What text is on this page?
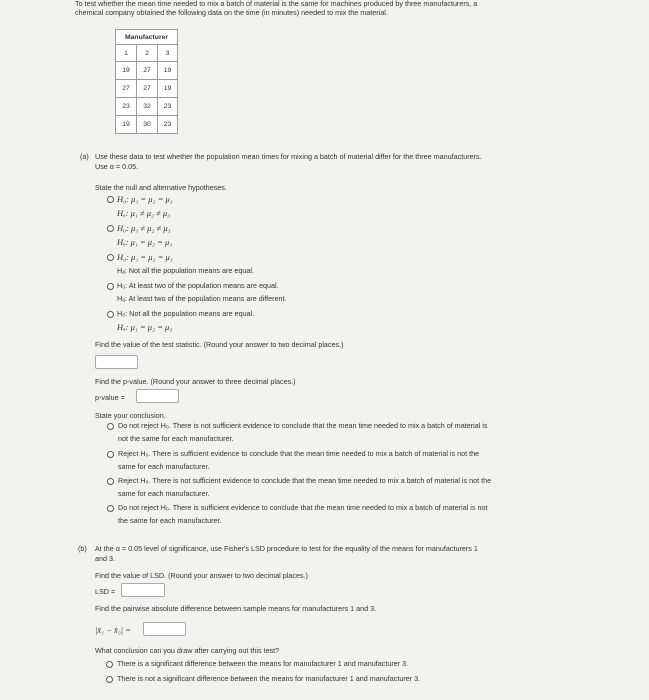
To test whether the mean time needed to mix a batch of material is the same for machines produced by three manufacturers, a
chemical company obtained the following data on the time (in minutes) needed to mix the material.
Manufacturer		
1	2	3
19	27	19
27	27	19
23	32	23
19	30	23
(a) Use these data to test whether the population mean times for mixing a batch of material differ for the three manufacturers.
Use α = 0.05.
State the null and alternative hypotheses.
H₀: μ₁ = μ₂ = μ₃
Hₐ: μ₁ ≠ μ₂ ≠ μ₃
H₀: μ₁ ≠ μ₂ ≠ μ₃
Hₐ: μ₁ = μ₂ = μ₃
H₀: μ₁ = μ₂ = μ₃
Hₐ: Not all the population means are equal.
H₀: At least two of the population means are equal.
Hₐ: At least two of the population means are different.
H₀: Not all the population means are equal.
Hₐ: μ₁ = μ₂ = μ₃
Find the value of the test statistic. (Round your answer to two decimal places.)
Find the p-value. (Round your answer to three decimal places.)
p-value =
State your conclusion.
Do not reject H₀. There is not sufficient evidence to conclude that the mean time needed to mix a batch of material is
not the same for each manufacturer.
Reject H₀. There is sufficient evidence to conclude that the mean time needed to mix a batch of material is not the
same for each manufacturer.
Reject H₀. There is not sufficient evidence to conclude that the mean time needed to mix a batch of material is not the
same for each manufacturer.
Do not reject H₀. There is sufficient evidence to conclude that the mean time needed to mix a batch of material is not
the same for each manufacturer.
(b) At the α = 0.05 level of significance, use Fisher's LSD procedure to test for the equality of the means for manufacturers 1
and 3.
Find the value of LSD. (Round your answer to two decimal places.)
LSD =
Find the pairwise absolute difference between sample means for manufacturers 1 and 3.
|x̄₁ − x̄₃| =
What conclusion can you draw after carrying out this test?
There is a significant difference between the means for manufacturer 1 and manufacturer 3.
There is not a significant difference between the means for manufacturer 1 and manufacturer 3.
